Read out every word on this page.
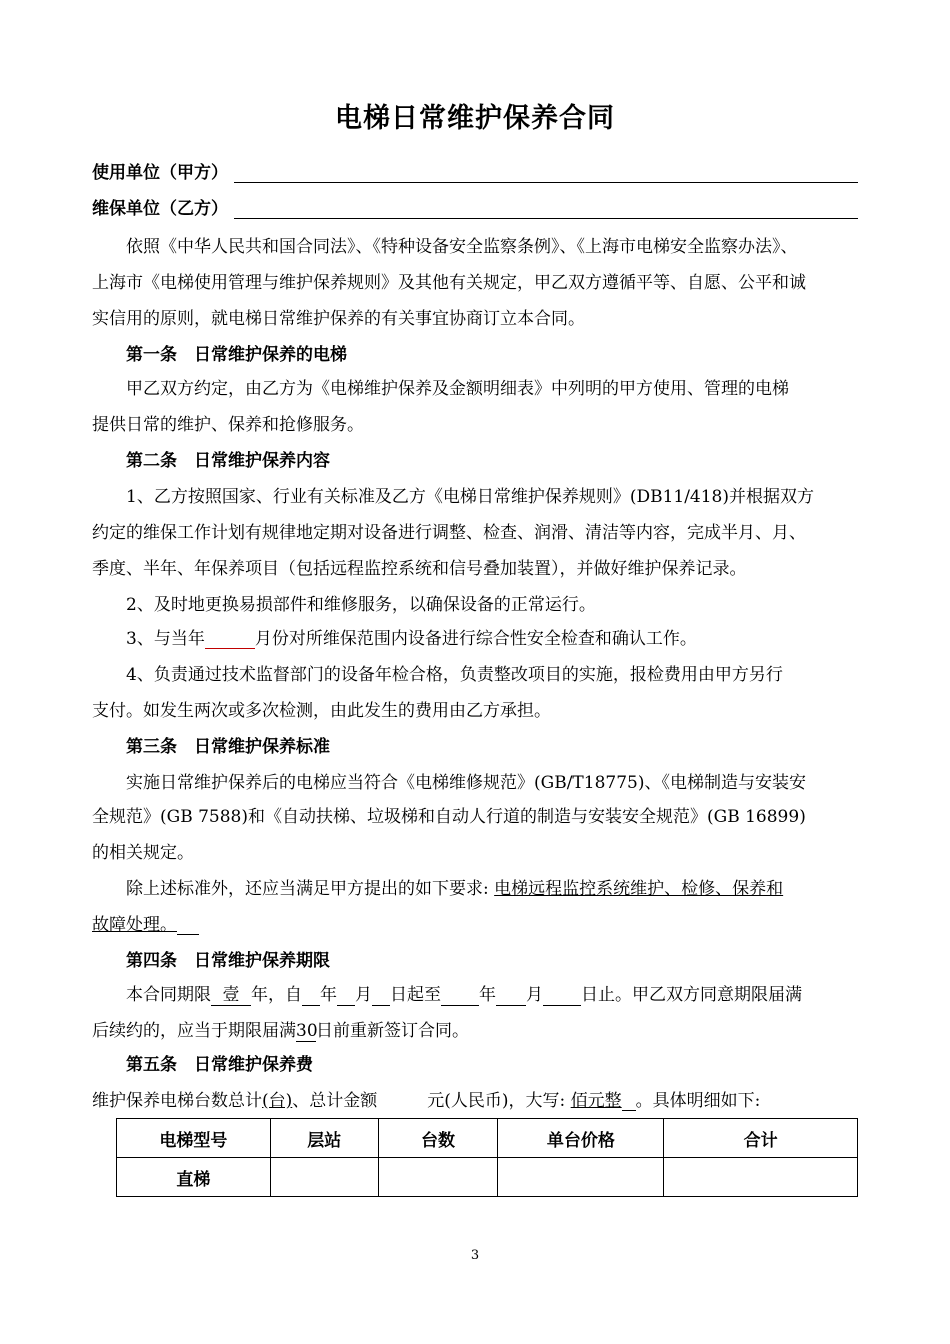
电梯日常维护保养合同
使用单位（甲方）
维保单位（乙方）
依照《中华人民共和国合同法》、《特种设备安全监察条例》、《上海市电梯安全监察办法》、
上海市《电梯使用管理与维护保养规则》及其他有关规定，甲乙双方遵循平等、自愿、公平和诚
实信用的原则，就电梯日常维护保养的有关事宜协商订立本合同。
第一条　日常维护保养的电梯
甲乙双方约定，由乙方为《电梯维护保养及金额明细表》中列明的甲方使用、管理的电梯
提供日常的维护、保养和抢修服务。
第二条　日常维护保养内容
1、乙方按照国家、行业有关标准及乙方《电梯日常维护保养规则》(DB11/418)并根据双方
约定的维保工作计划有规律地定期对设备进行调整、检查、润滑、清洁等内容，完成半月、月、
季度、半年、年保养项目（包括远程监控系统和信号叠加装置），并做好维护保养记录。
2、及时地更换易损部件和维修服务，以确保设备的正常运行。
3、与当年	月份对所维保范围内设备进行综合性安全检查和确认工作。
4、负责通过技术监督部门的设备年检合格，负责整改项目的实施，报检费用由甲方另行
支付。如发生两次或多次检测，由此发生的费用由乙方承担。
第三条　日常维护保养标准
实施日常维护保养后的电梯应当符合《电梯维修规范》(GB/T18775)、《电梯制造与安装安
全规范》(GB 7588)和《自动扶梯、垃圾梯和自动人行道的制造与安装安全规范》(GB 16899)
的相关规定。
除上述标准外，还应当满足甲方提出的如下要求: 电梯远程监控系统维护、检修、保养和
故障处理。
第四条　日常维护保养期限
本合同期限 壹 年，自 年 月 日起至 年 月 日止。甲乙双方同意期限届满
后续约的，应当于期限届满30日前重新签订合同。
第五条　日常维护保养费
维护保养电梯台数总计(台)、总计金额	元(人民币)，大写: 佰元整 。具体明细如下:
电梯型号	层站	台数	单台价格	合计
直梯				
3
